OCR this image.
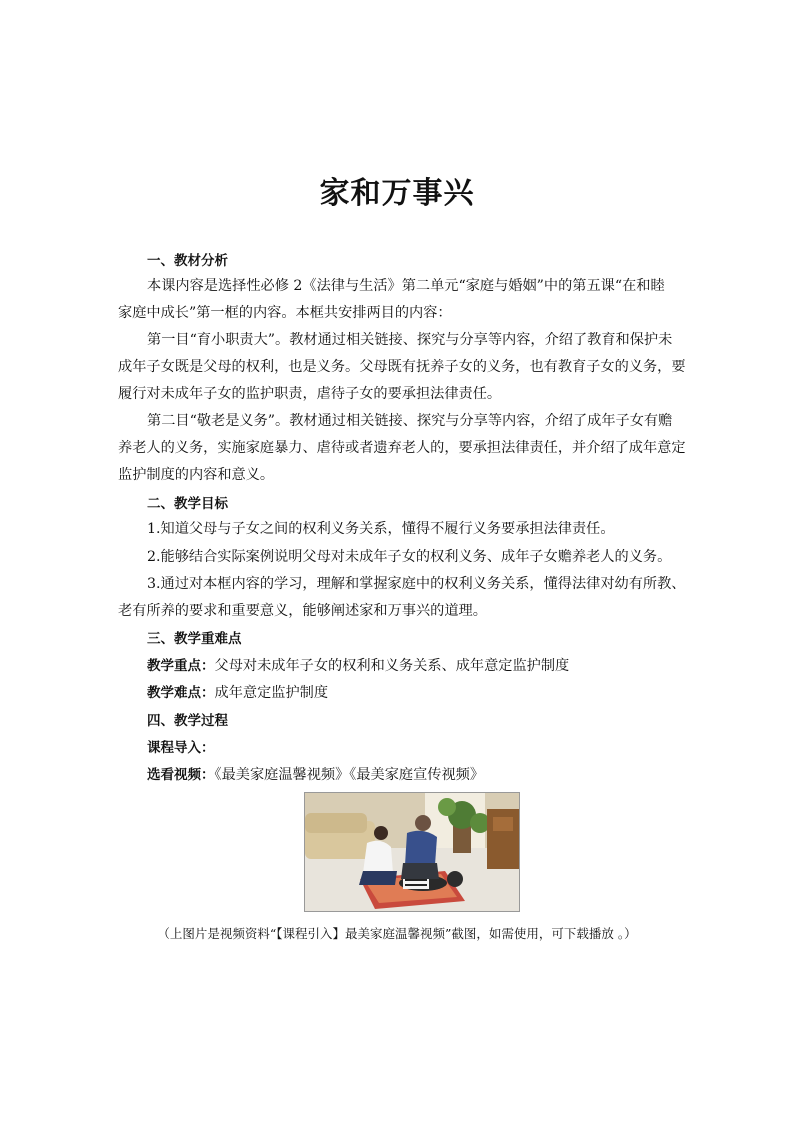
家和万事兴
一、教材分析
本课内容是选择性必修 2《法律与生活》第二单元“家庭与婚姻”中的第五课“在和睦
家庭中成长”第一框的内容。本框共安排两目的内容：
第一目“育小职责大”。教材通过相关链接、探究与分享等内容，介绍了教育和保护未
成年子女既是父母的权利，也是义务。父母既有抚养子女的义务，也有教育子女的义务，要
履行对未成年子女的监护职责，虐待子女的要承担法律责任。
第二目“敬老是义务”。教材通过相关链接、探究与分享等内容，介绍了成年子女有赡
养老人的义务，实施家庭暴力、虐待或者遗弃老人的，要承担法律责任，并介绍了成年意定
监护制度的内容和意义。
二、教学目标
1.知道父母与子女之间的权利义务关系，懂得不履行义务要承担法律责任。
2.能够结合实际案例说明父母对未成年子女的权利义务、成年子女赡养老人的义务。
3.通过对本框内容的学习，理解和掌握家庭中的权利义务关系，懂得法律对幼有所教、
老有所养的要求和重要意义，能够阐述家和万事兴的道理。
三、教学重难点
教学重点：父母对未成年子女的权利和义务关系、成年意定监护制度
教学难点：成年意定监护制度
四、教学过程
课程导入：
选看视频：《最美家庭温馨视频》《最美家庭宣传视频》
（上图片是视频资料“【课程引入】最美家庭温馨视频”截图，如需使用，可下载播放 。）
